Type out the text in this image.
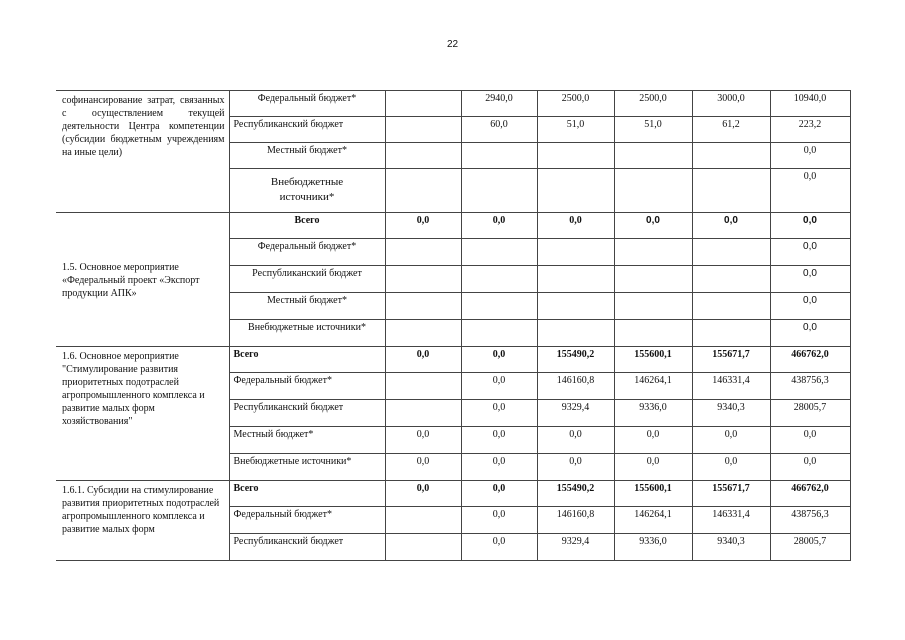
22
софинансирование затрат, связанных с осуществлением текущей деятельности Центра компетенции (субсидии бюджетным учреждениям на иные цели)	Федеральный бюджет*		2940,0	2500,0	2500,0	3000,0	10940,0
	Республиканский бюджет		60,0	51,0	51,0	61,2	223,2
	Местный бюджет*						0,0

	Внебюджетные источники*						0,0
1.5. Основное мероприятие «Федеральный проект «Экспорт продукции АПК»	Всего	0,0	0,0	0,0	0,0	0,0	0,0
	Федеральный бюджет*						0,0
	Республиканский бюджет						0,0
	Местный бюджет*						0,0
	Внебюджетные источники*						0,0
1.6. Основное мероприятие "Стимулирование развития приоритетных подотраслей агропромышленного комплекса и развитие малых форм хозяйствования"	Всего	0,0	0,0	155490,2	155600,1	155671,7	466762,0
	Федеральный бюджет*		0,0	146160,8	146264,1	146331,4	438756,3
	Республиканский бюджет		0,0	9329,4	9336,0	9340,3	28005,7
	Местный бюджет*	0,0	0,0	0,0	0,0	0,0	0,0
	Внебюджетные источники*	0,0	0,0	0,0	0,0	0,0	0,0
1.6.1. Субсидии на стимулирование развития приоритетных подотраслей агропромышленного комплекса и развитие малых форм	Всего	0,0	0,0	155490,2	155600,1	155671,7	466762,0
	Федеральный бюджет*		0,0	146160,8	146264,1	146331,4	438756,3
	Республиканский бюджет		0,0	9329,4	9336,0	9340,3	28005,7
